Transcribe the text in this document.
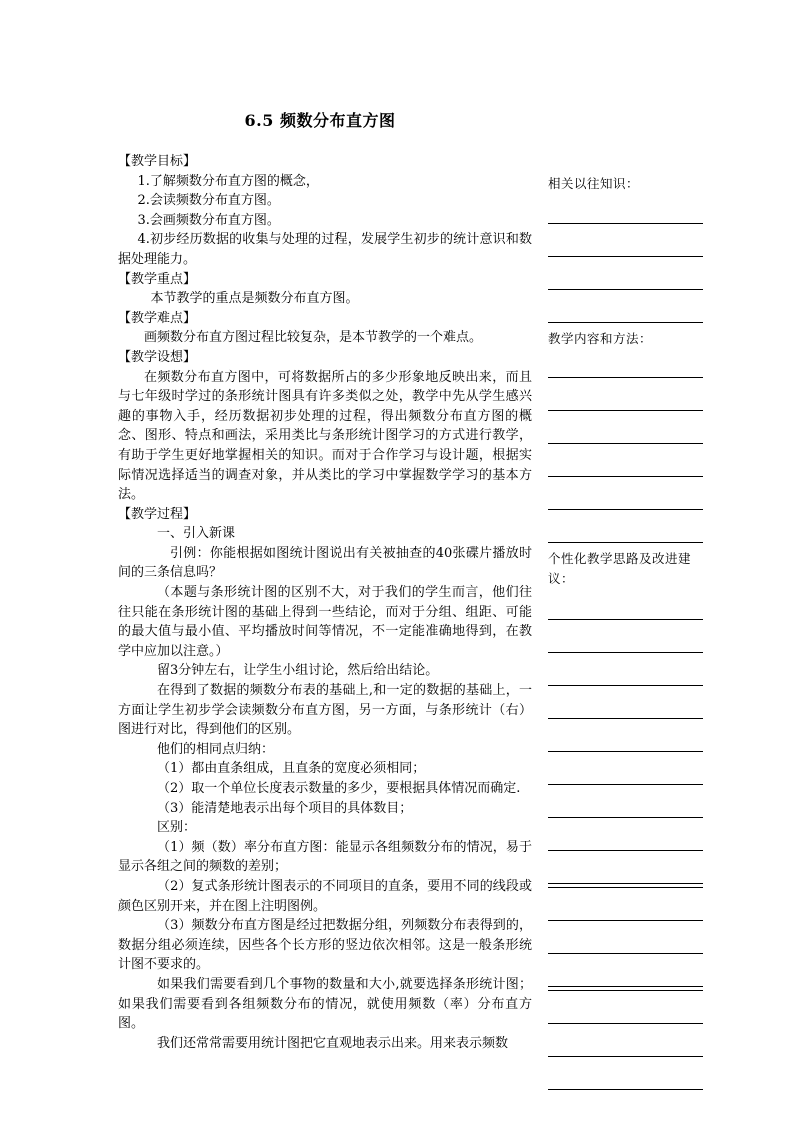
6.5 频数分布直方图

【教学目标】

1.了解频数分布直方图的概念，

2.会读频数分布直方图。

3.会画频数分布直方图。

4.初步经历数据的收集与处理的过程，发展学生初步的统计意识和数据处理能力。

【教学重点】

本节教学的重点是频数分布直方图。

【教学难点】

画频数分布直方图过程比较复杂，是本节教学的一个难点。

【教学设想】

在频数分布直方图中，可将数据所占的多少形象地反映出来，而且与七年级时学过的条形统计图具有许多类似之处，教学中先从学生感兴趣的事物入手，经历数据初步处理的过程，得出频数分布直方图的概念、图形、特点和画法，采用类比与条形统计图学习的方式进行教学，有助于学生更好地掌握相关的知识。而对于合作学习与设计题，根据实际情况选择适当的调查对象，并从类比的学习中掌握数学学习的基本方法。

【教学过程】

一、引入新课

引例：你能根据如图统计图说出有关被抽查的40张碟片播放时间的三条信息吗？

（本题与条形统计图的区别不大，对于我们的学生而言，他们往往只能在条形统计图的基础上得到一些结论，而对于分组、组距、可能的最大值与最小值、平均播放时间等情况，不一定能准确地得到，在教学中应加以注意。）

留3分钟左右，让学生小组讨论，然后给出结论。

在得到了数据的频数分布表的基础上,和一定的数据的基础上，一方面让学生初步学会读频数分布直方图，另一方面，与条形统计（右）图进行对比，得到他们的区别。

他们的相同点归纳：

（1）都由直条组成，且直条的宽度必须相同；

（2）取一个单位长度表示数量的多少，要根据具体情况而确定.

（3）能清楚地表示出每个项目的具体数目；

区别：

（1）频（数）率分布直方图：能显示各组频数分布的情况，易于显示各组之间的频数的差别；

（2）复式条形统计图表示的不同项目的直条，要用不同的线段或颜色区别开来，并在图上注明图例。

（3）频数分布直方图是经过把数据分组，列频数分布表得到的，数据分组必须连续，因些各个长方形的竖边依次相邻。这是一般条形统计图不要求的。

如果我们需要看到几个事物的数量和大小,就要选择条形统计图；如果我们需要看到各组频数分布的情况，就使用频数（率）分布直方图。

我们还常常需要用统计图把它直观地表示出来。用来表示频数

相关以往知识：
教学内容和方法：
个性化教学思路及改进建议：
